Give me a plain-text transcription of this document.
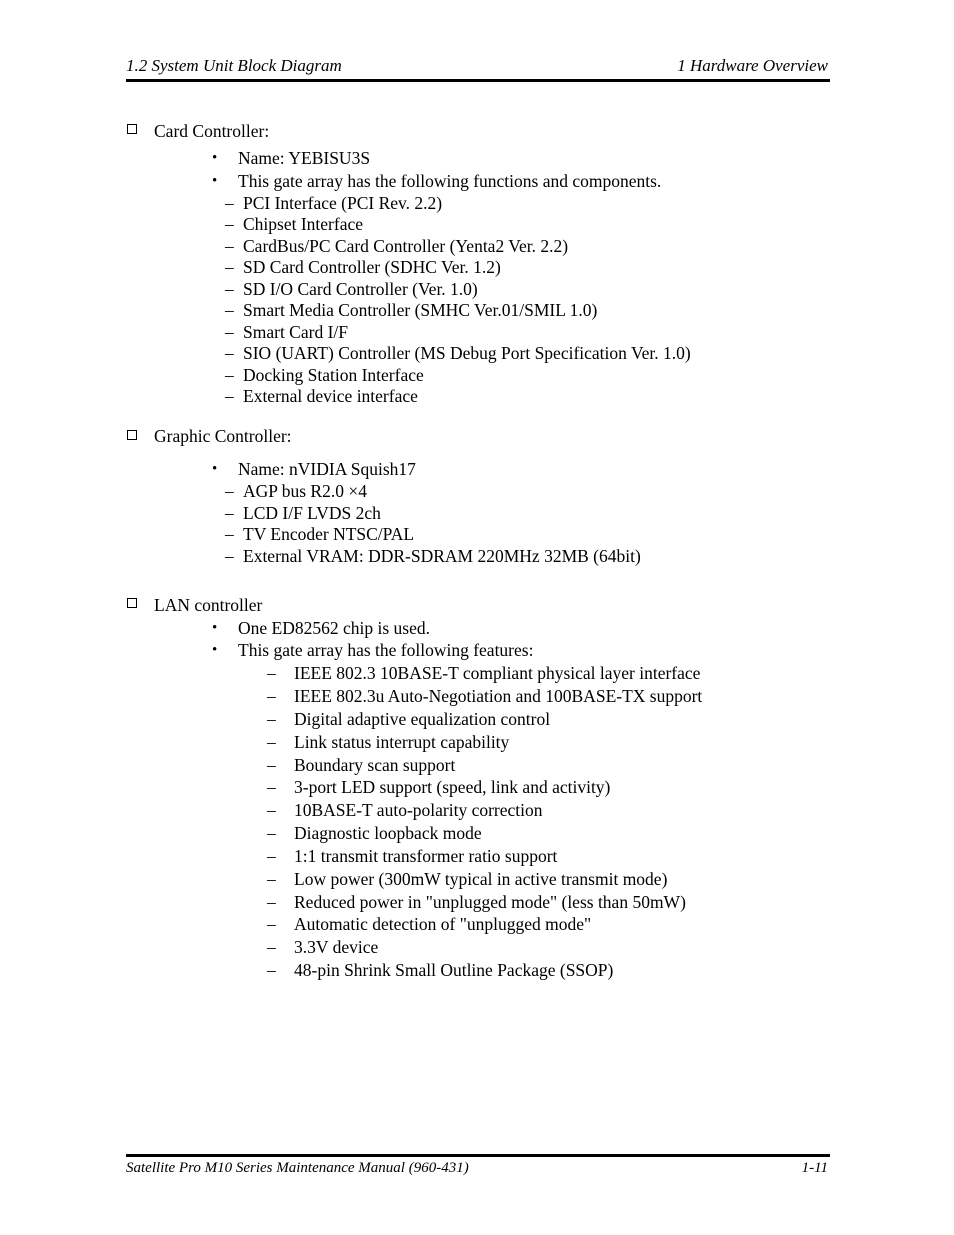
1.2 System Unit Block Diagram	1 Hardware Overview
Card Controller:
• Name: YEBISU3S
• This gate array has the following functions and components.
– PCI Interface (PCI Rev. 2.2)
– Chipset Interface
– CardBus/PC Card Controller (Yenta2 Ver. 2.2)
– SD Card Controller (SDHC Ver. 1.2)
– SD I/O Card Controller (Ver. 1.0)
– Smart Media Controller (SMHC Ver.01/SMIL 1.0)
– Smart Card I/F
– SIO (UART) Controller (MS Debug Port Specification Ver. 1.0)
– Docking Station Interface
– External device interface
Graphic Controller:
• Name: nVIDIA Squish17
– AGP bus R2.0 ×4
– LCD I/F LVDS 2ch
– TV Encoder NTSC/PAL
– External VRAM: DDR-SDRAM 220MHz 32MB (64bit)
LAN controller
• One ED82562 chip is used.
• This gate array has the following features:
– IEEE 802.3 10BASE-T compliant physical layer interface
– IEEE 802.3u Auto-Negotiation and 100BASE-TX support
– Digital adaptive equalization control
– Link status interrupt capability
– Boundary scan support
– 3-port LED support (speed, link and activity)
– 10BASE-T auto-polarity correction
– Diagnostic loopback mode
– 1:1 transmit transformer ratio support
– Low power (300mW typical in active transmit mode)
– Reduced power in "unplugged mode" (less than 50mW)
– Automatic detection of "unplugged mode"
– 3.3V device
– 48-pin Shrink Small Outline Package (SSOP)
Satellite Pro M10 Series Maintenance Manual (960-431)	1-11
